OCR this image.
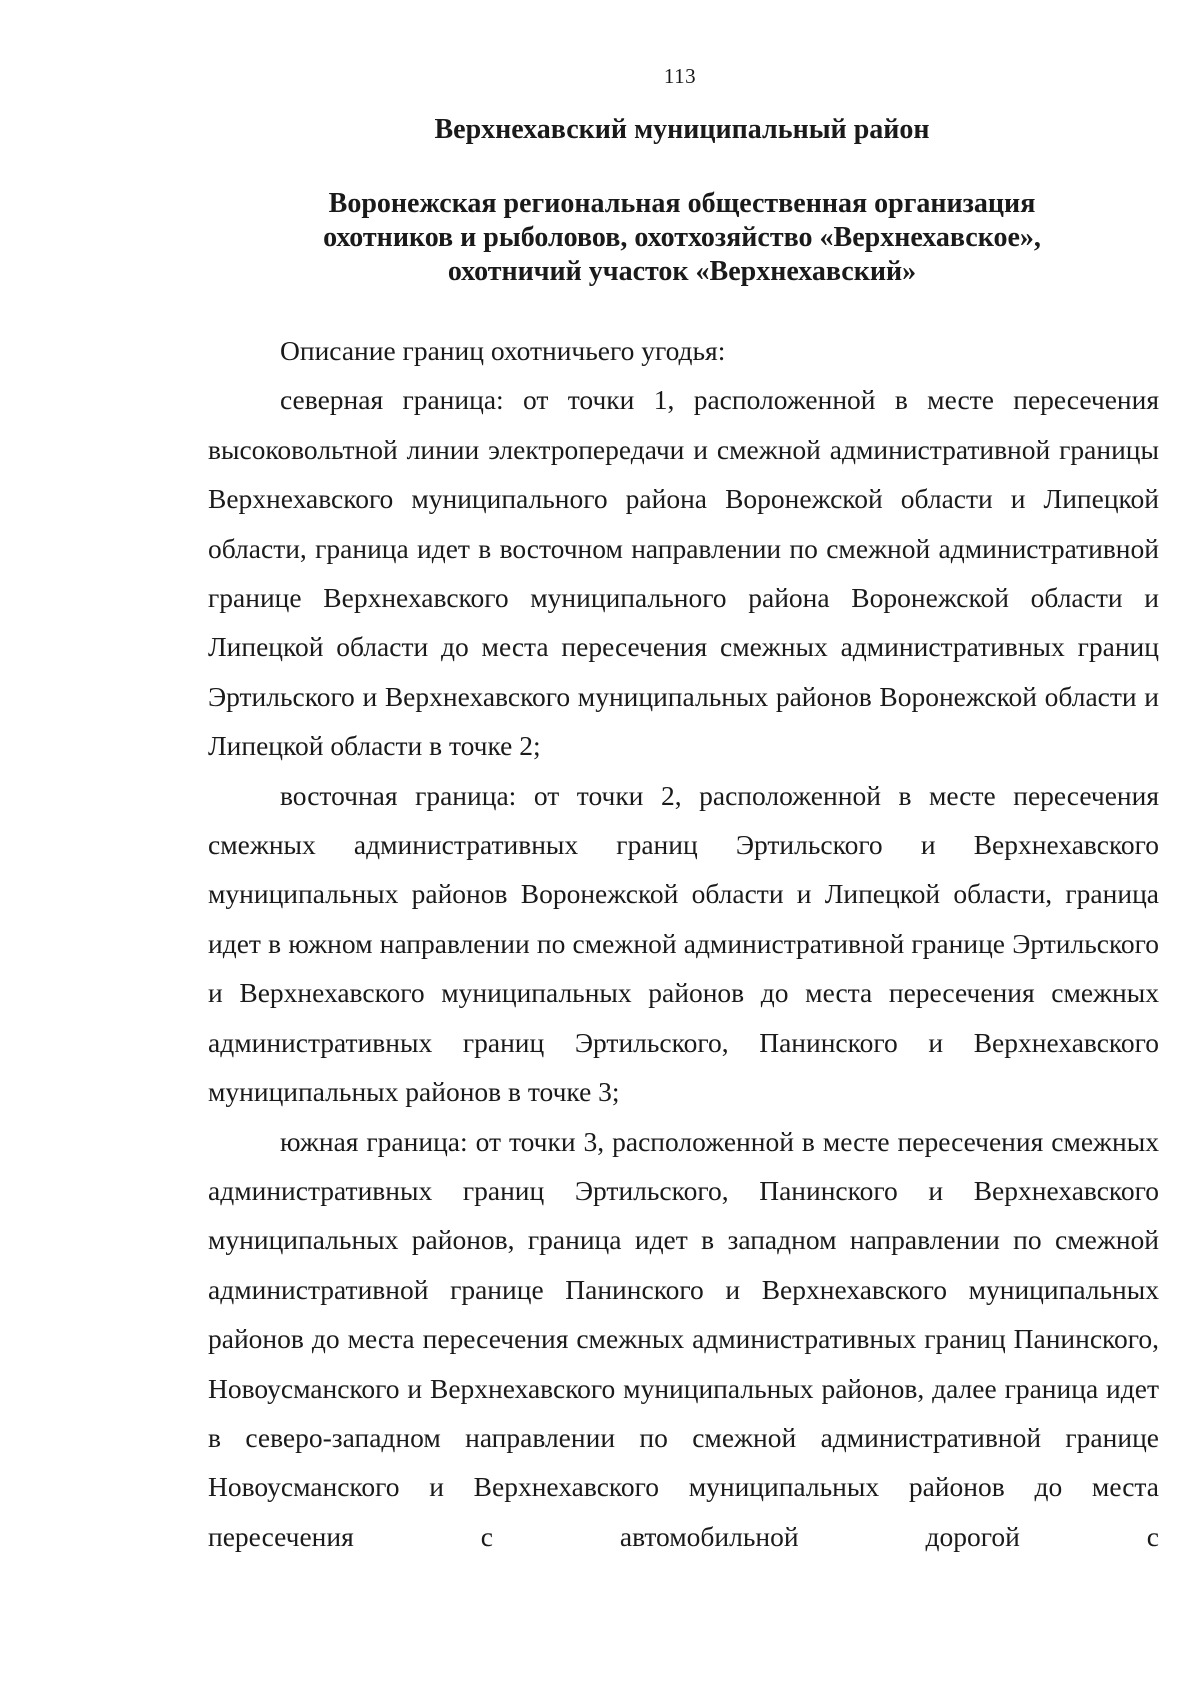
113
Верхнехавский муниципальный район
Воронежская региональная общественная организация
охотников и рыболовов, охотхозяйство «Верхнехавское»,
охотничий участок «Верхнехавский»

Описание границ охотничьего угодья:

северная граница: от точки 1, расположенной в месте пересечения высоковольтной линии электропередачи и смежной административной границы Верхнехавского муниципального района Воронежской области и Липецкой области, граница идет в восточном направлении по смежной административной границе Верхнехавского муниципального района Воронежской области и Липецкой области до места пересечения смежных административных границ Эртильского и Верхнехавского муниципальных районов Воронежской области и Липецкой области в точке 2;

восточная граница: от точки 2, расположенной в месте пересечения смежных административных границ Эртильского и Верхнехавского муниципальных районов Воронежской области и Липецкой области, граница идет в южном направлении по смежной административной границе Эртильского и Верхнехавского муниципальных районов до места пересечения смежных административных границ Эртильского, Панинского и Верхнехавского муниципальных районов в точке 3;

южная граница: от точки 3, расположенной в месте пересечения смежных административных границ Эртильского, Панинского и Верхнехавского муниципальных районов, граница идет в западном направлении по смежной административной границе Панинского и Верхнехавского муниципальных районов до места пересечения смежных административных границ Панинского, Новоусманского и Верхнехавского муниципальных районов, далее граница идет в северо-западном направлении по смежной административной границе Новоусманского и Верхнехавского муниципальных районов до места пересечения с автомобильной дорогой с
